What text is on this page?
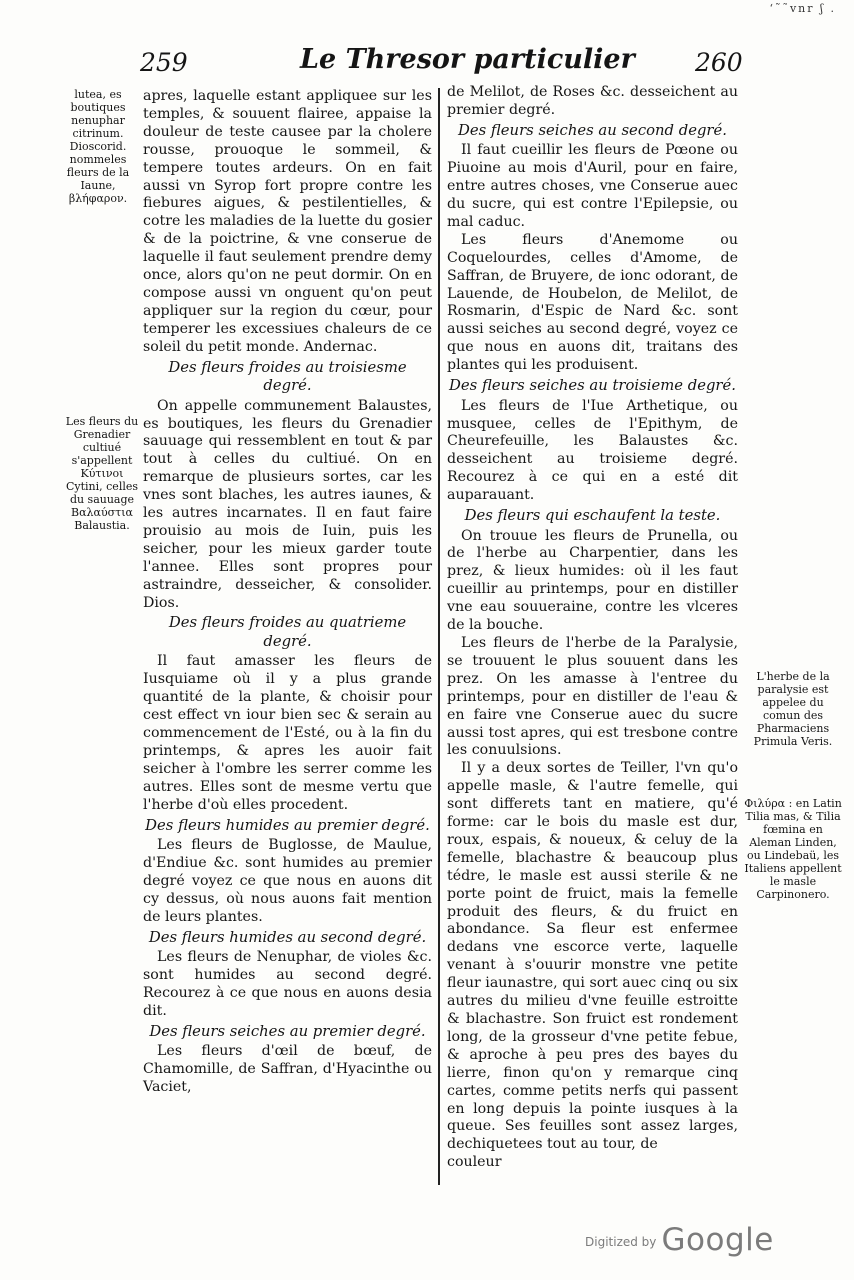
‘˜˜vnr ʃ .
259	Le Thresor particulier 260
lutea, es boutiques nenuphar citrinum. Dioscorid. nommeles fleurs de la Iaune, βλήφαρον.
Les fleurs du Grenadier cultiué s'appellent Κύτινοι Cytini, celles du sauuage Βαλαύστια Balaustia.

apres, laquelle estant appliquee sur les temples, & souuent flairee, appaise la douleur de teste causee par la cholere rousse, prouoque le sommeil, & tempere toutes ardeurs. On en fait aussi vn Syrop fort propre contre les fiebures aigues, & pestilentielles, & cotre les maladies de la luette du gosier & de la poictrine, & vne conserue de laquelle il faut seulement prendre demy once, alors qu'on ne peut dormir. On en compose aussi vn onguent qu'on peut appliquer sur la region du cœur, pour temperer les excessiues chaleurs de ce soleil du petit monde. Andernac.

Des fleurs froides au troisiesme degré.

On appelle communement Balaustes, es boutiques, les fleurs du Grenadier sauuage qui ressemblent en tout & par tout à celles du cultiué. On en remarque de plusieurs sortes, car les vnes sont blaches, les autres iaunes, & les autres incarnates. Il en faut faire prouisio au mois de Iuin, puis les seicher, pour les mieux garder toute l'annee. Elles sont propres pour astraindre, desseicher, & consolider. Dios.

Des fleurs froides au quatrieme degré.

Il faut amasser les fleurs de Iusquiame où il y a plus grande quantité de la plante, & choisir pour cest effect vn iour bien sec & serain au commencement de l'Esté, ou à la fin du printemps, & apres les auoir fait seicher à l'ombre les serrer comme les autres. Elles sont de mesme vertu que l'herbe d'où elles procedent.

Des fleurs humides au premier degré.

Les fleurs de Buglosse, de Maulue, d'Endiue &c. sont humides au premier degré voyez ce que nous en auons dit cy dessus, où nous auons fait mention de leurs plantes.

Des fleurs humides au second degré.

Les fleurs de Nenuphar, de violes &c. sont humides au second degré. Recourez à ce que nous en auons desia dit.

Des fleurs seiches au premier degré.

Les fleurs d'œil de bœuf, de Chamomille, de Saffran, d'Hyacinthe ou Vaciet,

de Melilot, de Roses &c. desseichent au premier degré.

Des fleurs seiches au second degré.

Il faut cueillir les fleurs de Pœone ou Piuoine au mois d'Auril, pour en faire, entre autres choses, vne Conserue auec du sucre, qui est contre l'Epilepsie, ou mal caduc.

Les fleurs d'Anemome ou Coquelourdes, celles d'Amome, de Saffran, de Bruyere, de ionc odorant, de Lauende, de Houbelon, de Melilot, de Rosmarin, d'Espic de Nard &c. sont aussi seiches au second degré, voyez ce que nous en auons dit, traitans des plantes qui les produisent.

Des fleurs seiches au troisieme degré.

Les fleurs de l'Iue Arthetique, ou musquee, celles de l'Epithym, de Cheurefeuille, les Balaustes &c. desseichent au troisieme degré. Recourez à ce qui en a esté dit auparauant.

Des fleurs qui eschaufent la teste.

On trouue les fleurs de Prunella, ou de l'herbe au Charpentier, dans les prez, & lieux humides: où il les faut cueillir au printemps, pour en distiller vne eau souueraine, contre les vlceres de la bouche.

Les fleurs de l'herbe de la Paralysie, se trouuent le plus souuent dans les prez. On les amasse à l'entree du printemps, pour en distiller de l'eau & en faire vne Conserue auec du sucre aussi tost apres, qui est tresbone contre les conuulsions.

Il y a deux sortes de Teiller, l'vn qu'o appelle masle, & l'autre femelle, qui sont differets tant en matiere, qu'é forme: car le bois du masle est dur, roux, espais, & noueux, & celuy de la femelle, blachastre & beaucoup plus tédre, le masle est aussi sterile & ne porte point de fruict, mais la femelle produit des fleurs, & du fruict en abondance. Sa fleur est enfermee dedans vne escorce verte, laquelle venant à s'ouurir monstre vne petite fleur iaunastre, qui sort auec cinq ou six autres du milieu d'vne feuille estroitte & blachastre. Son fruict est rondement long, de la grosseur d'vne petite febue, & aproche à peu pres des bayes du lierre, finon qu'on y remarque cinq cartes, comme petits nerfs qui passent en long depuis la pointe iusques à la queue. Ses feuilles sont assez larges, dechiquetees tout au tour, de

couleur

L'herbe de la paralysie est appelee du comun des Pharmaciens Primula Veris.
Φιλύρα : en Latin Tilia mas, & Tilia fœmina en Aleman Linden, ou Lindebaü, les Italiens appellent le masle Carpinonero.
$^{Digitized by}$ Google
